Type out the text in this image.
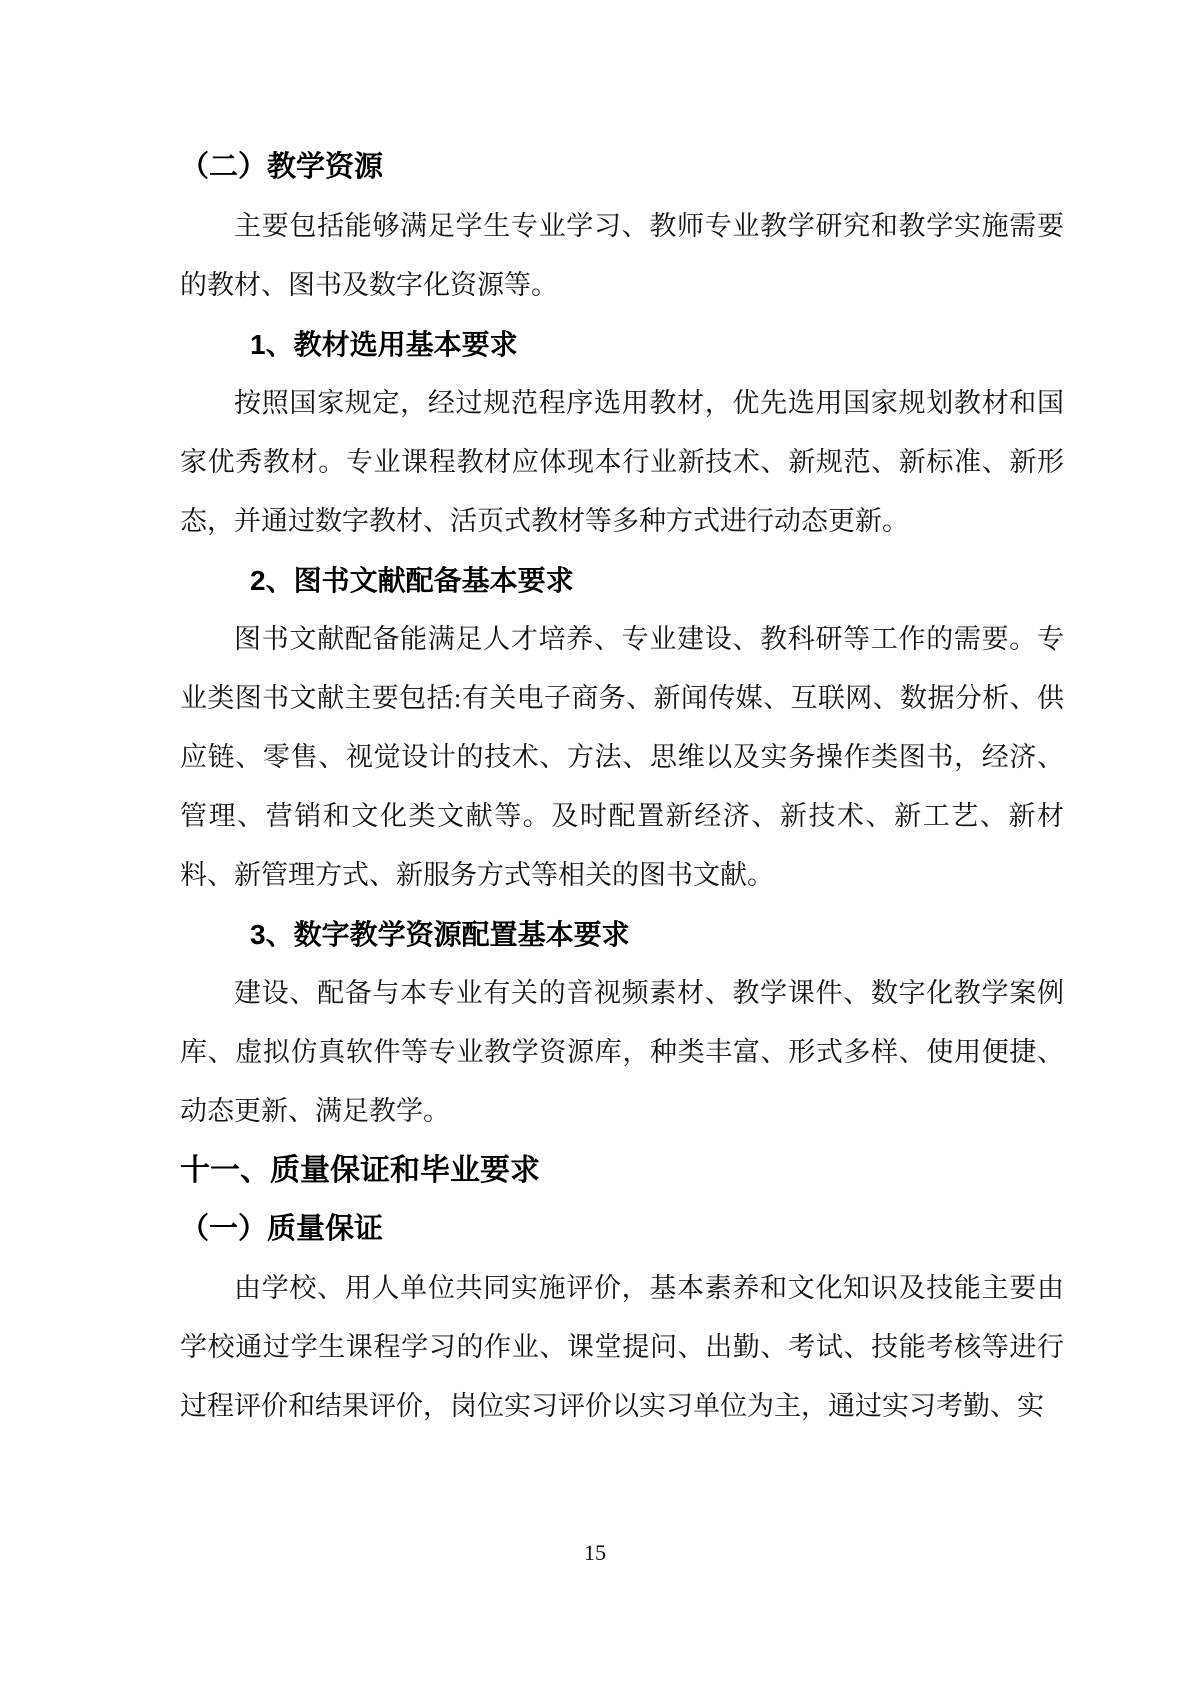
（二）教学资源

主要包括能够满足学生专业学习、教师专业教学研究和教学实施需要的教材、图书及数字化资源等。

1、教材选用基本要求

按照国家规定，经过规范程序选用教材，优先选用国家规划教材和国家优秀教材。专业课程教材应体现本行业新技术、新规范、新标准、新形态，并通过数字教材、活页式教材等多种方式进行动态更新。

2、图书文献配备基本要求

图书文献配备能满足人才培养、专业建设、教科研等工作的需要。专业类图书文献主要包括:有关电子商务、新闻传媒、互联网、数据分析、供应链、零售、视觉设计的技术、方法、思维以及实务操作类图书，经济、管理、营销和文化类文献等。及时配置新经济、新技术、新工艺、新材料、新管理方式、新服务方式等相关的图书文献。

3、数字教学资源配置基本要求

建设、配备与本专业有关的音视频素材、教学课件、数字化教学案例库、虚拟仿真软件等专业教学资源库，种类丰富、形式多样、使用便捷、动态更新、满足教学。

十一、质量保证和毕业要求
（一）质量保证

由学校、用人单位共同实施评价，基本素养和文化知识及技能主要由学校通过学生课程学习的作业、课堂提问、出勤、考试、技能考核等进行过程评价和结果评价，岗位实习评价以实习单位为主，通过实习考勤、实

15
